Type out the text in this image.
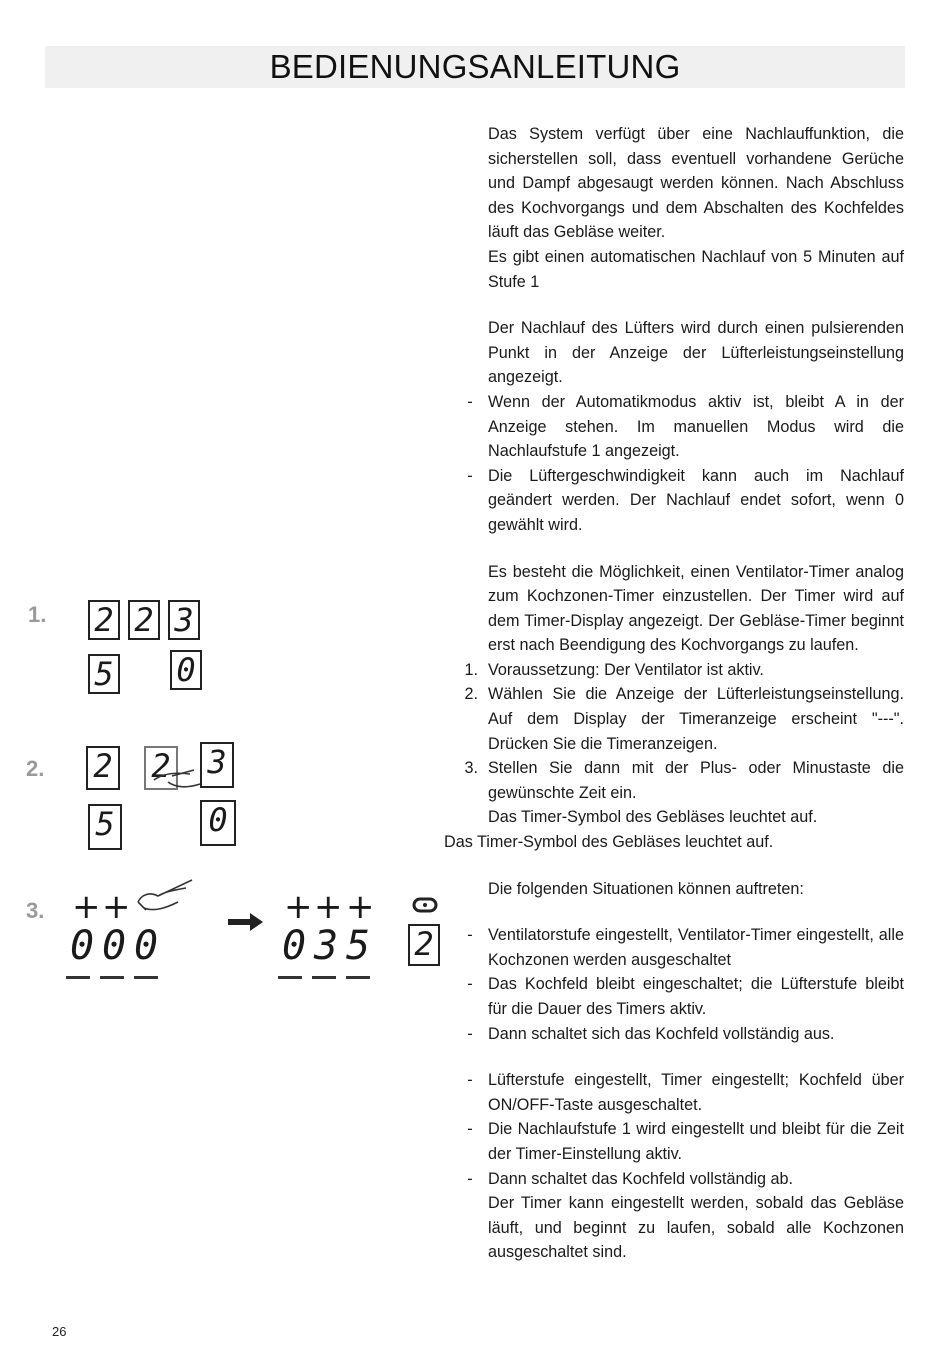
BEDIENUNGSANLEITUNG
1. 2 2 3
5 0
2. 2 2 3
5	0
3. + +
0 0 0
+ + +
0 3 5 2

Das System verfügt über eine Nachlauffunktion, die sicherstellen soll, dass eventuell vorhandene Gerüche und Dampf abgesaugt werden können. Nach Abschluss des Kochvorgangs und dem Abschalten des Kochfeldes läuft das Gebläse weiter.

Es gibt einen automatischen Nachlauf von 5 Minuten auf Stufe 1

Der Nachlauf des Lüfters wird durch einen pulsierenden Punkt in der Anzeige der Lüfterleistungseinstellung angezeigt.

- Wenn der Automatikmodus aktiv ist, bleibt A in der Anzeige stehen. Im manuellen Modus wird die Nachlaufstufe 1 angezeigt.
- Die Lüftergeschwindigkeit kann auch im Nachlauf geändert werden. Der Nachlauf endet sofort, wenn 0 gewählt wird.

Es besteht die Möglichkeit, einen Ventilator-Timer analog zum Kochzonen-Timer einzustellen. Der Timer wird auf dem Timer-Display angezeigt. Der Gebläse-Timer beginnt erst nach Beendigung des Kochvorgangs zu laufen.

1. Voraussetzung: Der Ventilator ist aktiv.
2. Wählen Sie die Anzeige der Lüfterleistungseinstellung. Auf dem Display der Timeranzeige erscheint "---". Drücken Sie die Timeranzeigen.
3. Stellen Sie dann mit der Plus- oder Minustaste die gewünschte Zeit ein.

Das Timer-Symbol des Gebläses leuchtet auf.

Das Timer-Symbol des Gebläses leuchtet auf.

Die folgenden Situationen können auftreten:

- Ventilatorstufe eingestellt, Ventilator-Timer eingestellt, alle Kochzonen werden ausgeschaltet
- Das Kochfeld bleibt eingeschaltet; die Lüfterstufe bleibt für die Dauer des Timers aktiv.
- Dann schaltet sich das Kochfeld vollständig aus.
- Lüfterstufe eingestellt, Timer eingestellt; Kochfeld über ON/OFF-Taste ausgeschaltet.
- Die Nachlaufstufe 1 wird eingestellt und bleibt für die Zeit der Timer-Einstellung aktiv.
- Dann schaltet das Kochfeld vollständig ab.

Der Timer kann eingestellt werden, sobald das Gebläse läuft, und beginnt zu laufen, sobald alle Kochzonen ausgeschaltet sind.

26
